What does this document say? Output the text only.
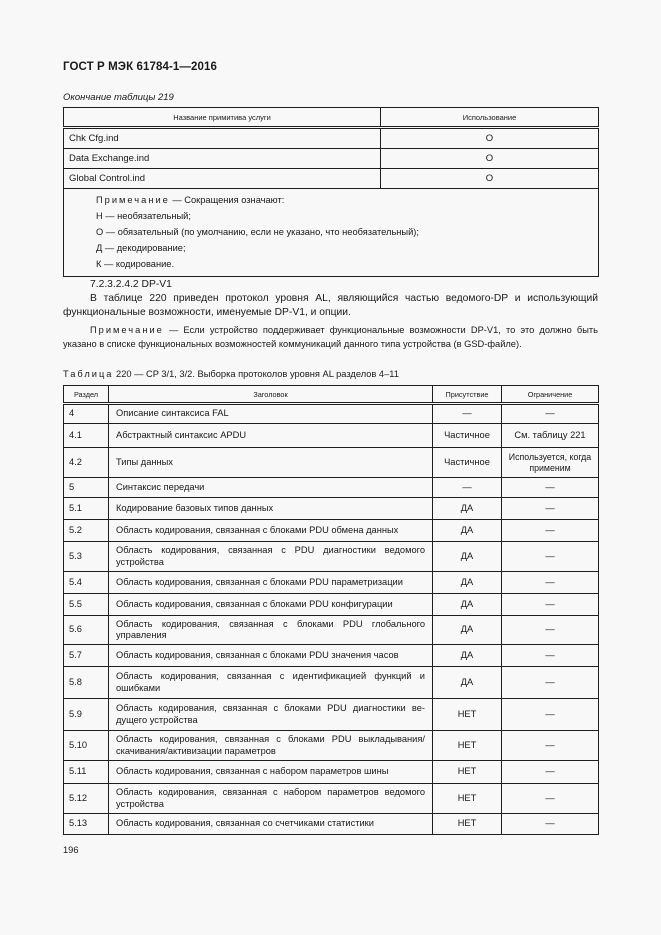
ГОСТ Р МЭК 61784-1—2016
Окончание таблицы 219
Название примитива услуги	Использование
Chk Cfg.ind	O
Data Exchange.ind	O
Global Control.ind	O

Примечание — Сокращения означают:
Н — необязательный;
О — обязательный (по умолчанию, если не указано, что необязательный);
Д — декодирование;
К — кодирование.	
7.2.3.2.4.2 DP-V1
В таблице 220 приведен протокол уровня AL, являющийся частью ведомого-DP и использующий функциональные возможности, именуемые DP-V1, и опции.
Примечание — Если устройство поддерживает функциональные возможности DP-V1, то это должно быть указано в списке функциональных возможностей коммуникаций данного типа устройства (в GSD-файле).
Таблица 220 — CP 3/1, 3/2. Выборка протоколов уровня AL разделов 4–11
Раздел	Заголовок	Присутствие	Ограничение
4	Описание синтаксиса FAL	—	—
4.1	Абстрактный синтаксис APDU	Частичное	См. таблицу 221
4.2	Типы данных	Частичное	Используется, когда применим
5	Синтаксис передачи	—	—
5.1	Кодирование базовых типов данных	ДА	—
5.2	Область кодирования, связанная с блоками PDU обмена данных	ДА	—
5.3	Область кодирования, связанная с PDU диагностики ведомого устройства	ДА	—
5.4	Область кодирования, связанная с блоками PDU параметризации	ДА	—
5.5	Область кодирования, связанная с блоками PDU конфигурации	ДА	—
5.6	Область кодирования, связанная с блоками PDU глобального управления	ДА	—
5.7	Область кодирования, связанная с блоками PDU значения часов	ДА	—
5.8	Область кодирования, связанная с идентификацией функций и ошибками	ДА	—
5.9	Область кодирования, связанная с блоками PDU диагностики ве-дущего устройства	НЕТ	—
5.10	Область кодирования, связанная с блоками PDU выкладывания/скачивания/активизации параметров	НЕТ	—
5.11	Область кодирования, связанная с набором параметров шины	НЕТ	—
5.12	Область кодирования, связанная с набором параметров ведомого устройства	НЕТ	—
5.13	Область кодирования, связанная со счетчиками статистики	НЕТ	—
196
